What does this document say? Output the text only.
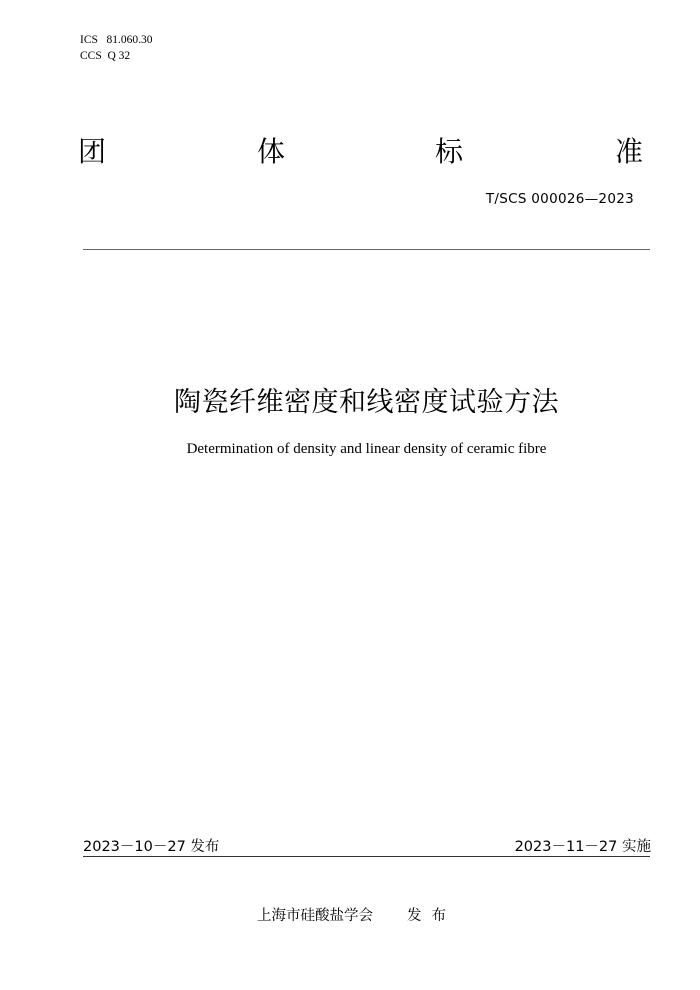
ICS   81.060.30
CCS  Q 32
团	体	标	准
T/SCS 000026—2023
陶瓷纤维密度和线密度试验方法
Determination of density and linear density of ceramic fibre
2023－10－27 发布	2023－11－27 实施
上海市硅酸盐学会 发布
